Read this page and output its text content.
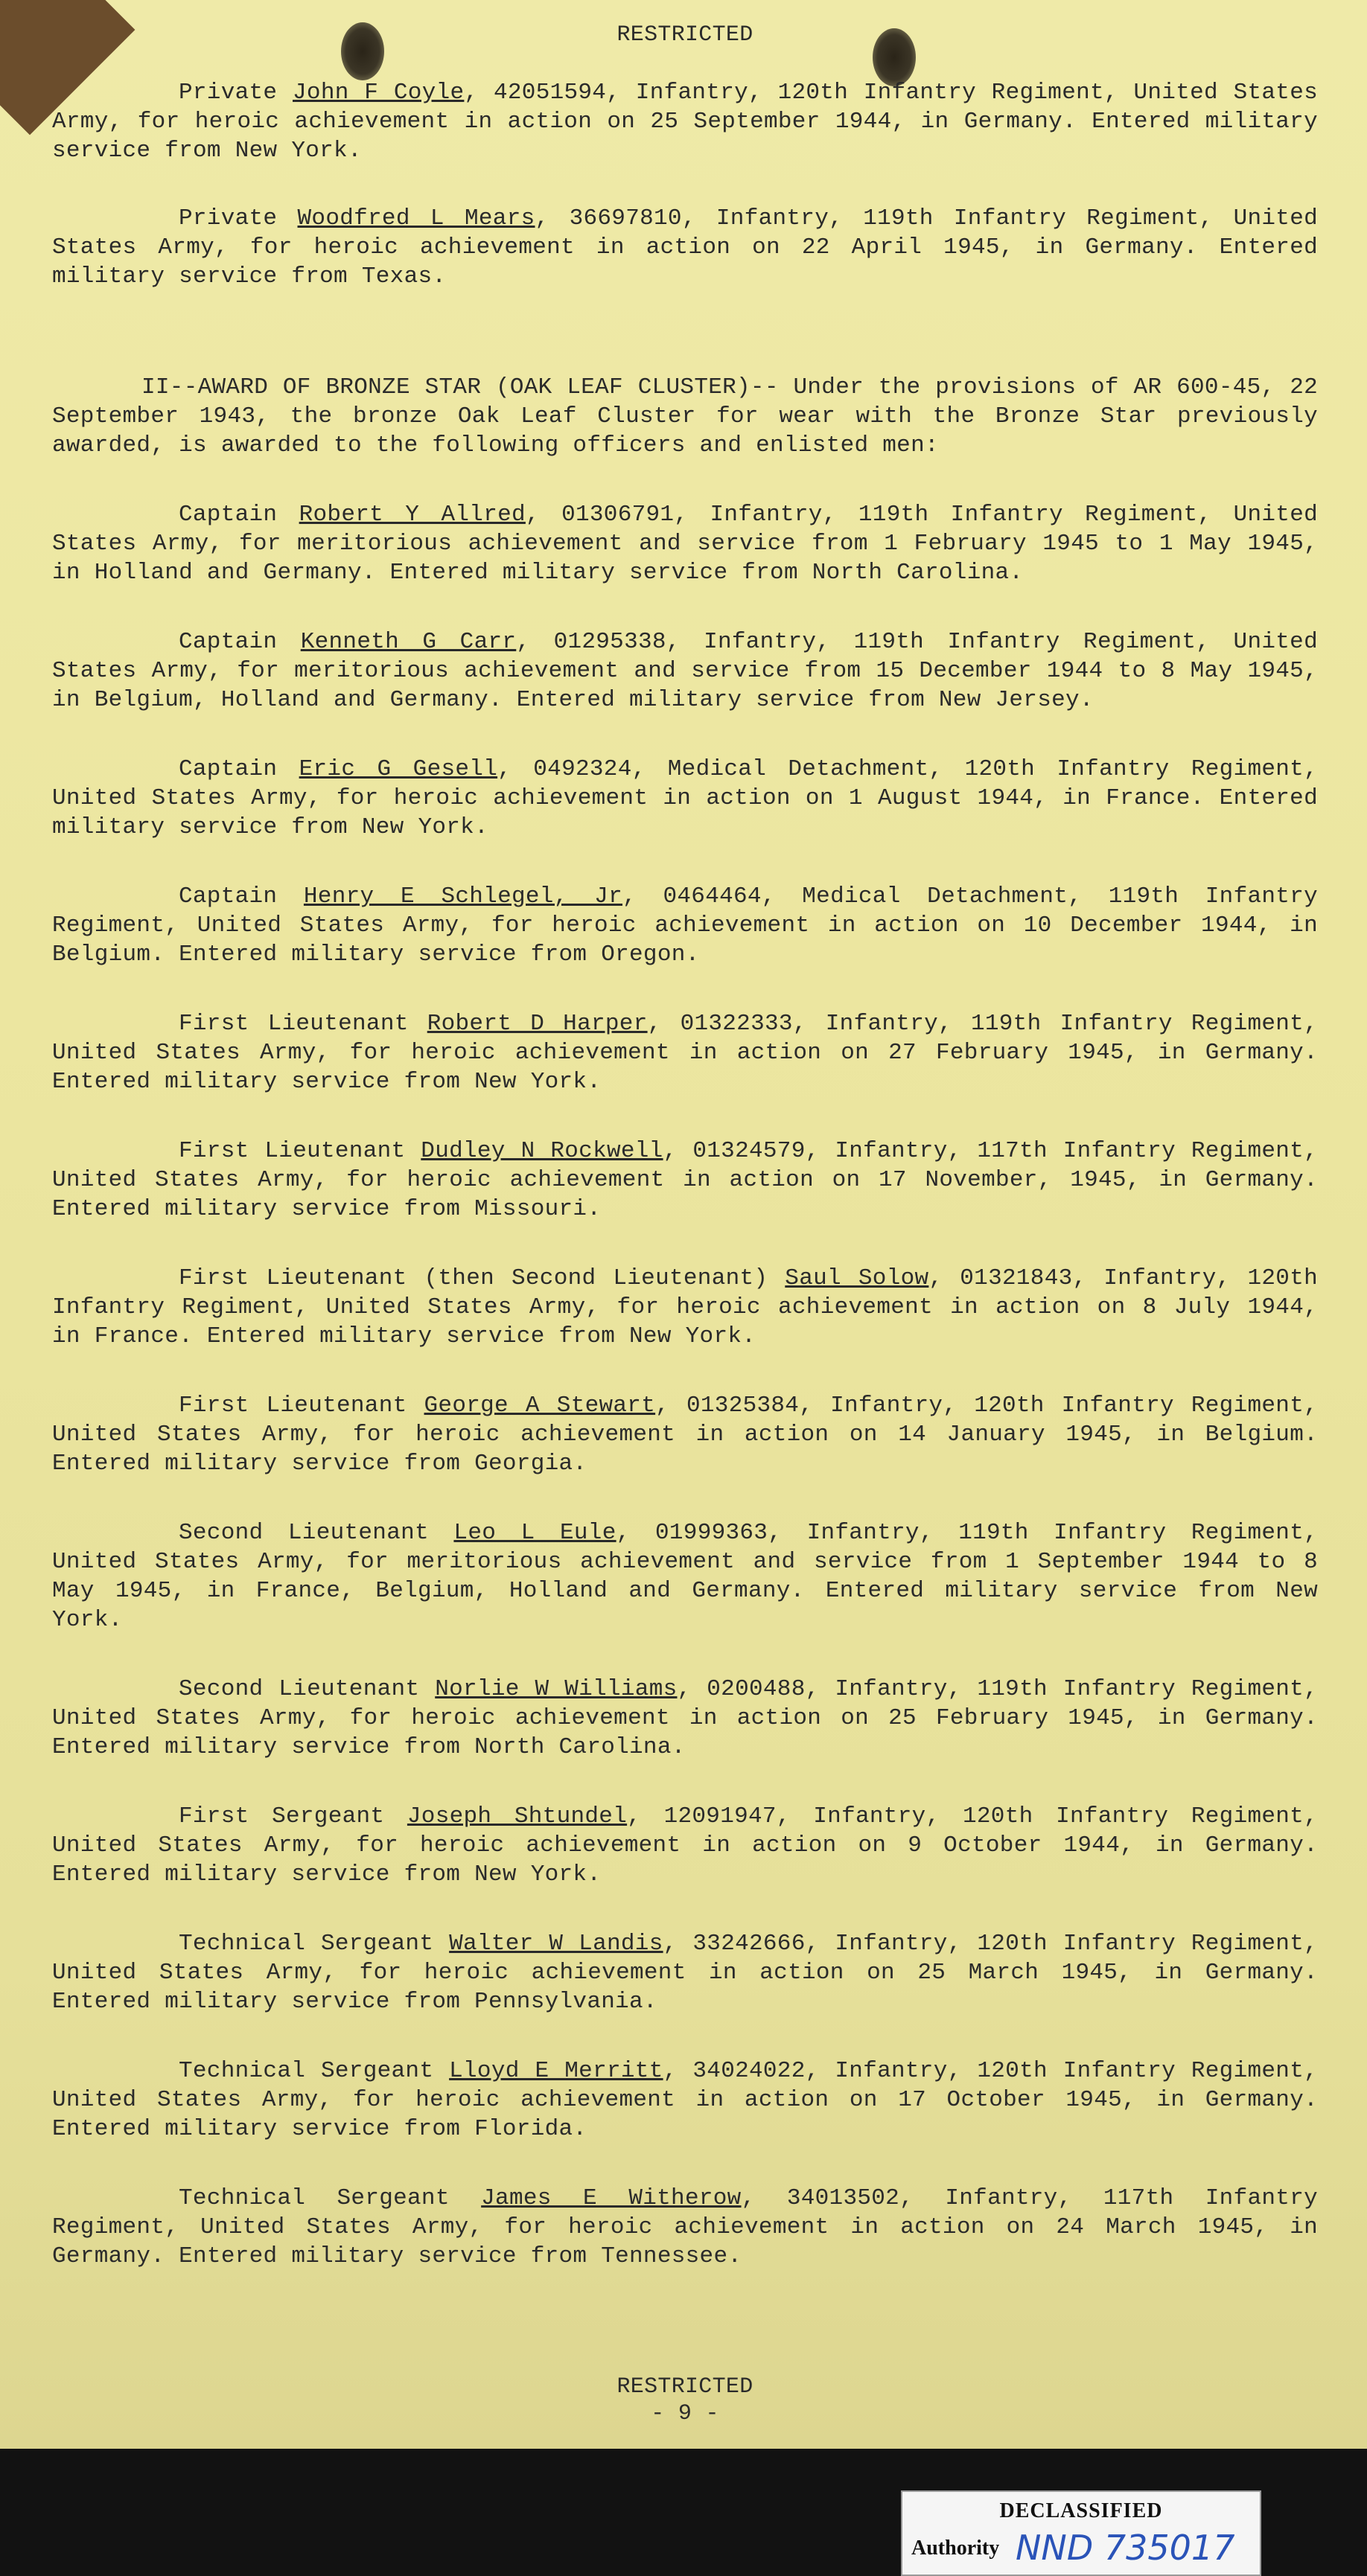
RESTRICTED

Private John F Coyle, 42051594, Infantry, 120th Infantry Regiment, United States Army, for heroic achievement in action on 25 September 1944, in Germany. Entered military service from New York.

Private Woodfred L Mears, 36697810, Infantry, 119th Infantry Regiment, United States Army, for heroic achievement in action on 22 April 1945, in Germany. Entered military service from Texas.

II--AWARD OF BRONZE STAR (OAK LEAF CLUSTER)-- Under the provisions of AR 600-45, 22 September 1943, the bronze Oak Leaf Cluster for wear with the Bronze Star previously awarded, is awarded to the following officers and enlisted men:

Captain Robert Y Allred, 01306791, Infantry, 119th Infantry Regiment, United States Army, for meritorious achievement and service from 1 February 1945 to 1 May 1945, in Holland and Germany. Entered military service from North Carolina.

Captain Kenneth G Carr, 01295338, Infantry, 119th Infantry Regiment, United States Army, for meritorious achievement and service from 15 December 1944 to 8 May 1945, in Belgium, Holland and Germany. Entered military service from New Jersey.

Captain Eric G Gesell, 0492324, Medical Detachment, 120th Infantry Regiment, United States Army, for heroic achievement in action on 1 August 1944, in France. Entered military service from New York.

Captain Henry E Schlegel, Jr, 0464464, Medical Detachment, 119th Infantry Regiment, United States Army, for heroic achievement in action on 10 December 1944, in Belgium. Entered military service from Oregon.

First Lieutenant Robert D Harper, 01322333, Infantry, 119th Infantry Regiment, United States Army, for heroic achievement in action on 27 February 1945, in Germany. Entered military service from New York.

First Lieutenant Dudley N Rockwell, 01324579, Infantry, 117th Infantry Regiment, United States Army, for heroic achievement in action on 17 November, 1945, in Germany. Entered military service from Missouri.

First Lieutenant (then Second Lieutenant) Saul Solow, 01321843, Infantry, 120th Infantry Regiment, United States Army, for heroic achievement in action on 8 July 1944, in France. Entered military service from New York.

First Lieutenant George A Stewart, 01325384, Infantry, 120th Infantry Regiment, United States Army, for heroic achievement in action on 14 January 1945, in Belgium. Entered military service from Georgia.

Second Lieutenant Leo L Eule, 01999363, Infantry, 119th Infantry Regiment, United States Army, for meritorious achievement and service from 1 September 1944 to 8 May 1945, in France, Belgium, Holland and Germany. Entered military service from New York.

Second Lieutenant Norlie W Williams, 0200488, Infantry, 119th Infantry Regiment, United States Army, for heroic achievement in action on 25 February 1945, in Germany. Entered military service from North Carolina.

First Sergeant Joseph Shtundel, 12091947, Infantry, 120th Infantry Regiment, United States Army, for heroic achievement in action on 9 October 1944, in Germany. Entered military service from New York.

Technical Sergeant Walter W Landis, 33242666, Infantry, 120th Infantry Regiment, United States Army, for heroic achievement in action on 25 March 1945, in Germany. Entered military service from Pennsylvania.

Technical Sergeant Lloyd E Merritt, 34024022, Infantry, 120th Infantry Regiment, United States Army, for heroic achievement in action on 17 October 1945, in Germany. Entered military service from Florida.

Technical Sergeant James E Witherow, 34013502, Infantry, 117th Infantry Regiment, United States Army, for heroic achievement in action on 24 March 1945, in Germany. Entered military service from Tennessee.

RESTRICTED
- 9 -
DECLASSIFIED
Authority NND 735017
